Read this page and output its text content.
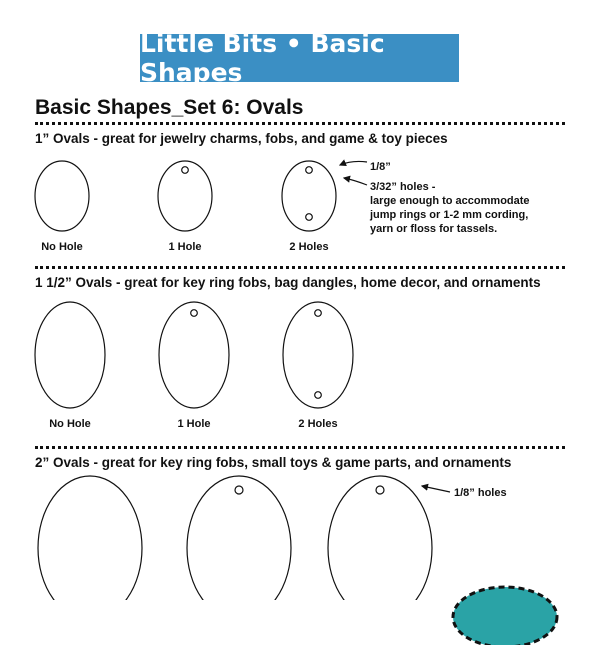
Little Bits • Basic Shapes
Basic Shapes_Set 6: Ovals
1” Ovals - great for jewelry charms, fobs, and game & toy pieces
1 1/2” Ovals - great for key ring fobs, bag dangles, home decor, and ornaments
2” Ovals - great for key ring fobs, small toys & game parts, and ornaments
No Hole	1 Hole	2 Holes
No Hole	1 Hole	2 Holes
1/8”
3/32” holes -
large enough to accommodate
jump rings or 1-2 mm cording,
yarn or floss for tassels.
1/8” holes
